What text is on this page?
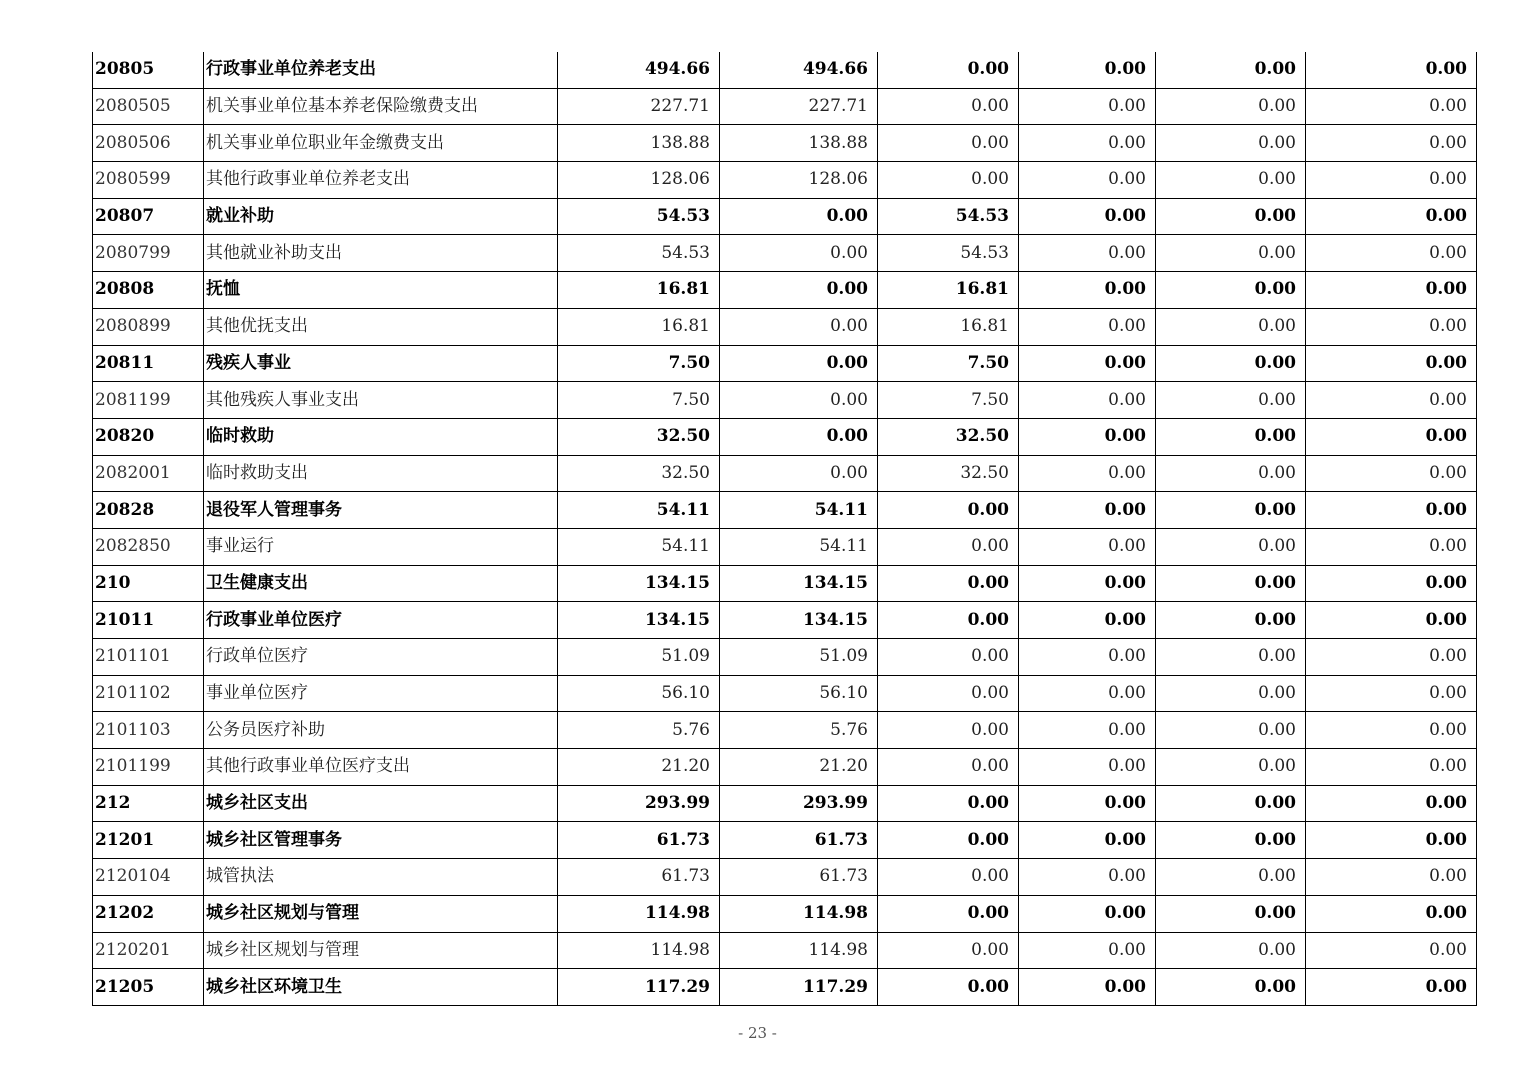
20805	行政事业单位养老支出	494.66	494.66	0.00	0.00	0.00	0.00
2080505	机关事业单位基本养老保险缴费支出	227.71	227.71	0.00	0.00	0.00	0.00
2080506	机关事业单位职业年金缴费支出	138.88	138.88	0.00	0.00	0.00	0.00
2080599	其他行政事业单位养老支出	128.06	128.06	0.00	0.00	0.00	0.00
20807	就业补助	54.53	0.00	54.53	0.00	0.00	0.00
2080799	其他就业补助支出	54.53	0.00	54.53	0.00	0.00	0.00
20808	抚恤	16.81	0.00	16.81	0.00	0.00	0.00
2080899	其他优抚支出	16.81	0.00	16.81	0.00	0.00	0.00
20811	残疾人事业	7.50	0.00	7.50	0.00	0.00	0.00
2081199	其他残疾人事业支出	7.50	0.00	7.50	0.00	0.00	0.00
20820	临时救助	32.50	0.00	32.50	0.00	0.00	0.00
2082001	临时救助支出	32.50	0.00	32.50	0.00	0.00	0.00
20828	退役军人管理事务	54.11	54.11	0.00	0.00	0.00	0.00
2082850	事业运行	54.11	54.11	0.00	0.00	0.00	0.00
210	卫生健康支出	134.15	134.15	0.00	0.00	0.00	0.00
21011	行政事业单位医疗	134.15	134.15	0.00	0.00	0.00	0.00
2101101	行政单位医疗	51.09	51.09	0.00	0.00	0.00	0.00
2101102	事业单位医疗	56.10	56.10	0.00	0.00	0.00	0.00
2101103	公务员医疗补助	5.76	5.76	0.00	0.00	0.00	0.00
2101199	其他行政事业单位医疗支出	21.20	21.20	0.00	0.00	0.00	0.00
212	城乡社区支出	293.99	293.99	0.00	0.00	0.00	0.00
21201	城乡社区管理事务	61.73	61.73	0.00	0.00	0.00	0.00
2120104	城管执法	61.73	61.73	0.00	0.00	0.00	0.00
21202	城乡社区规划与管理	114.98	114.98	0.00	0.00	0.00	0.00
2120201	城乡社区规划与管理	114.98	114.98	0.00	0.00	0.00	0.00
21205	城乡社区环境卫生	117.29	117.29	0.00	0.00	0.00	0.00
- 23 -
